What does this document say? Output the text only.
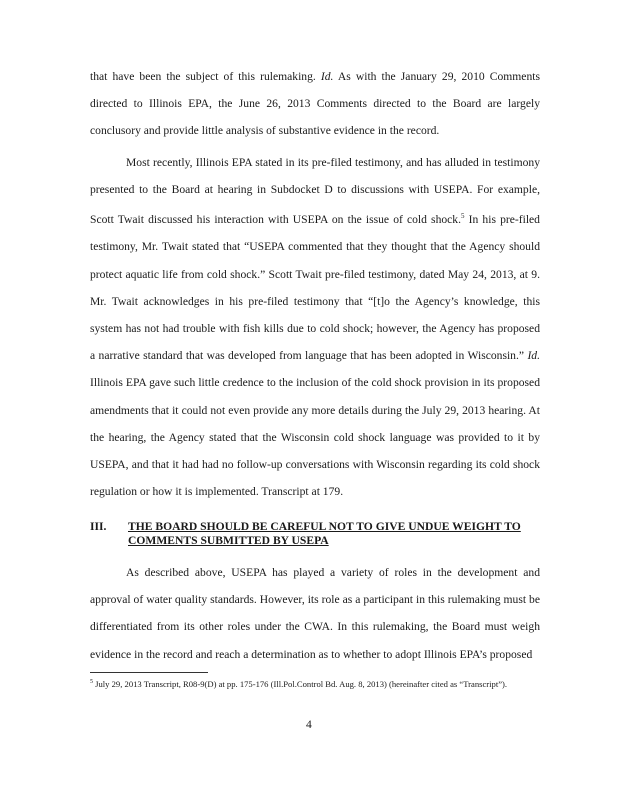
that have been the subject of this rulemaking. Id. As with the January 29, 2010 Comments directed to Illinois EPA, the June 26, 2013 Comments directed to the Board are largely conclusory and provide little analysis of substantive evidence in the record.

Most recently, Illinois EPA stated in its pre-filed testimony, and has alluded in testimony presented to the Board at hearing in Subdocket D to discussions with USEPA. For example, Scott Twait discussed his interaction with USEPA on the issue of cold shock.$^5$ In his pre-filed testimony, Mr. Twait stated that “USEPA commented that they thought that the Agency should protect aquatic life from cold shock.” Scott Twait pre-filed testimony, dated May 24, 2013, at 9. Mr. Twait acknowledges in his pre-filed testimony that “[t]o the Agency’s knowledge, this system has not had trouble with fish kills due to cold shock; however, the Agency has proposed a narrative standard that was developed from language that has been adopted in Wisconsin.” Id. Illinois EPA gave such little credence to the inclusion of the cold shock provision in its proposed amendments that it could not even provide any more details during the July 29, 2013 hearing. At the hearing, the Agency stated that the Wisconsin cold shock language was provided to it by USEPA, and that it had had no follow-up conversations with Wisconsin regarding its cold shock regulation or how it is implemented. Transcript at 179.

III. THE BOARD SHOULD BE CAREFUL NOT TO GIVE UNDUE WEIGHT TO COMMENTS SUBMITTED BY USEPA

As described above, USEPA has played a variety of roles in the development and approval of water quality standards. However, its role as a participant in this rulemaking must be differentiated from its other roles under the CWA. In this rulemaking, the Board must weigh evidence in the record and reach a determination as to whether to adopt Illinois EPA’s proposed

$^5$ July 29, 2013 Transcript, R08-9(D) at pp. 175-176 (Ill.Pol.Control Bd. Aug. 8, 2013) (hereinafter cited as “Transcript”).

4
